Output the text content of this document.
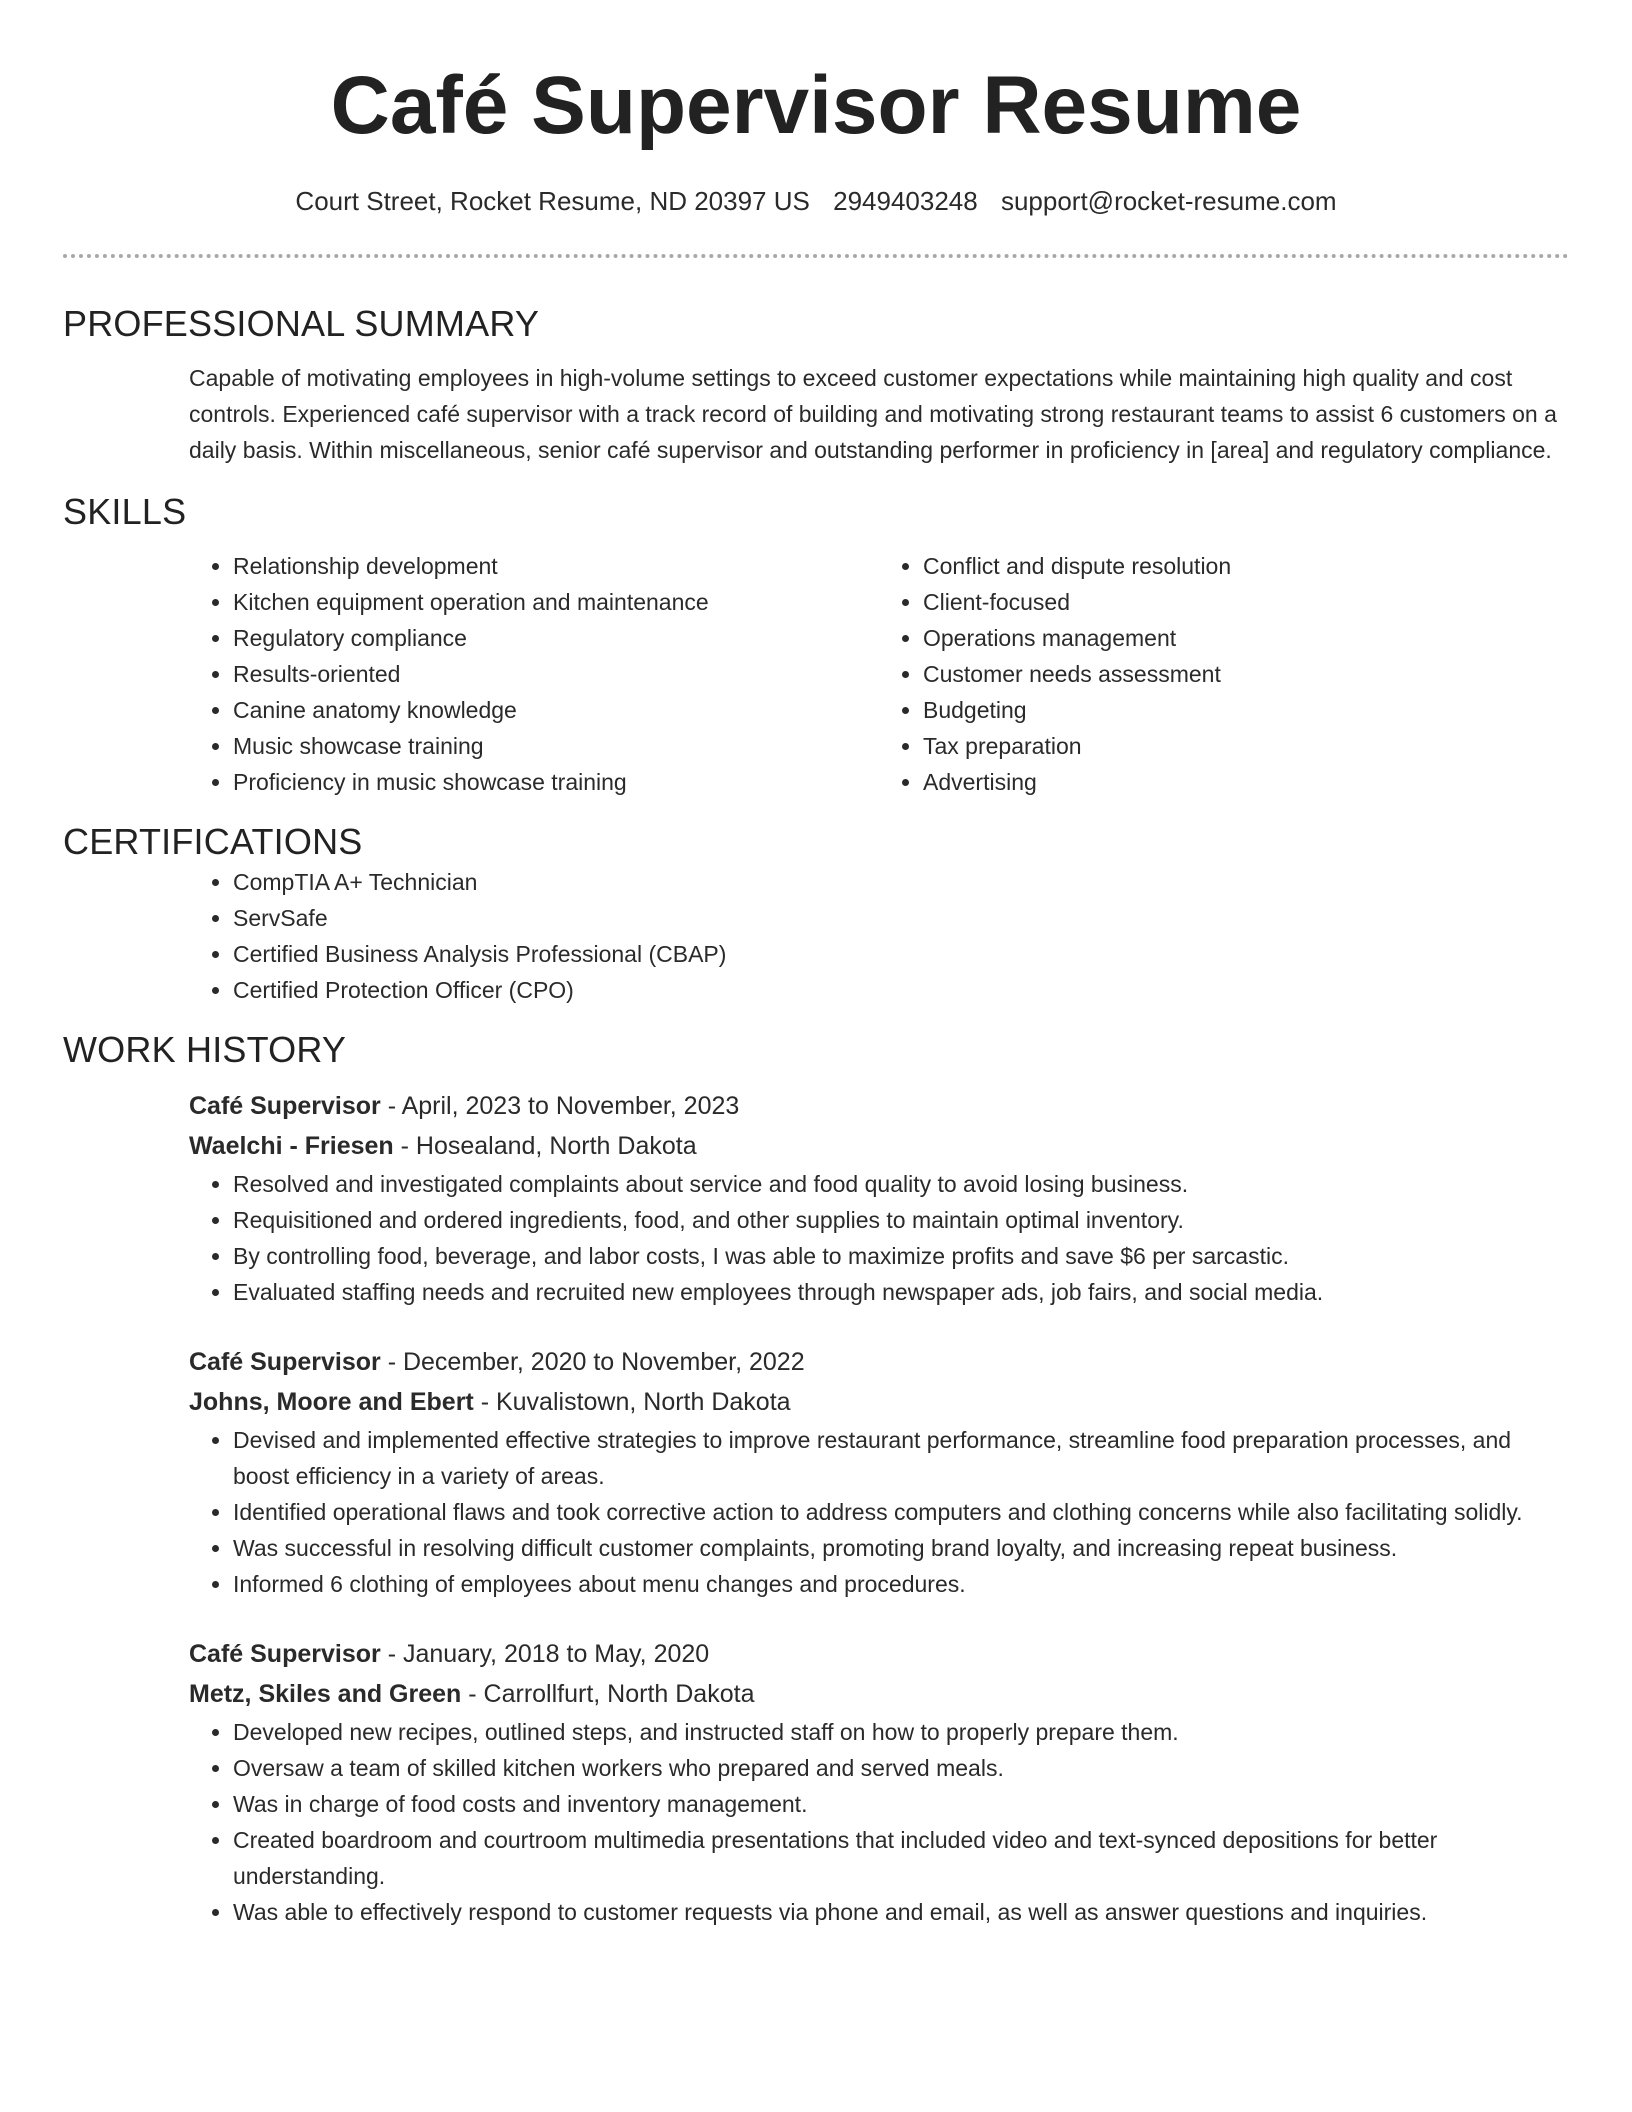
Café Supervisor Resume
Court Street, Rocket Resume, ND 20397 US 2949403248 support@rocket-resume.com
PROFESSIONAL SUMMARY

Capable of motivating employees in high-volume settings to exceed customer expectations while maintaining high quality and cost controls. Experienced café supervisor with a track record of building and motivating strong restaurant teams to assist 6 customers on a daily basis. Within miscellaneous, senior café supervisor and outstanding performer in proficiency in [area] and regulatory compliance.

SKILLS
• Relationship development
• Kitchen equipment operation and maintenance
• Regulatory compliance
• Results-oriented
• Canine anatomy knowledge
• Music showcase training
• Proficiency in music showcase training
• Conflict and dispute resolution
• Client-focused
• Operations management
• Customer needs assessment
• Budgeting
• Tax preparation
• Advertising
CERTIFICATIONS
• CompTIA A+ Technician
• ServSafe
• Certified Business Analysis Professional (CBAP)
• Certified Protection Officer (CPO)
WORK HISTORY
Café Supervisor - April, 2023 to November, 2023
Waelchi - Friesen - Hosealand, North Dakota
• Resolved and investigated complaints about service and food quality to avoid losing business.
• Requisitioned and ordered ingredients, food, and other supplies to maintain optimal inventory.
• By controlling food, beverage, and labor costs, I was able to maximize profits and save $6 per sarcastic.
• Evaluated staffing needs and recruited new employees through newspaper ads, job fairs, and social media.
Café Supervisor - December, 2020 to November, 2022
Johns, Moore and Ebert - Kuvalistown, North Dakota
• Devised and implemented effective strategies to improve restaurant performance, streamline food preparation processes, and boost efficiency in a variety of areas.
• Identified operational flaws and took corrective action to address computers and clothing concerns while also facilitating solidly.
• Was successful in resolving difficult customer complaints, promoting brand loyalty, and increasing repeat business.
• Informed 6 clothing of employees about menu changes and procedures.
Café Supervisor - January, 2018 to May, 2020
Metz, Skiles and Green - Carrollfurt, North Dakota
• Developed new recipes, outlined steps, and instructed staff on how to properly prepare them.
• Oversaw a team of skilled kitchen workers who prepared and served meals.
• Was in charge of food costs and inventory management.
• Created boardroom and courtroom multimedia presentations that included video and text-synced depositions for better understanding.
• Was able to effectively respond to customer requests via phone and email, as well as answer questions and inquiries.
